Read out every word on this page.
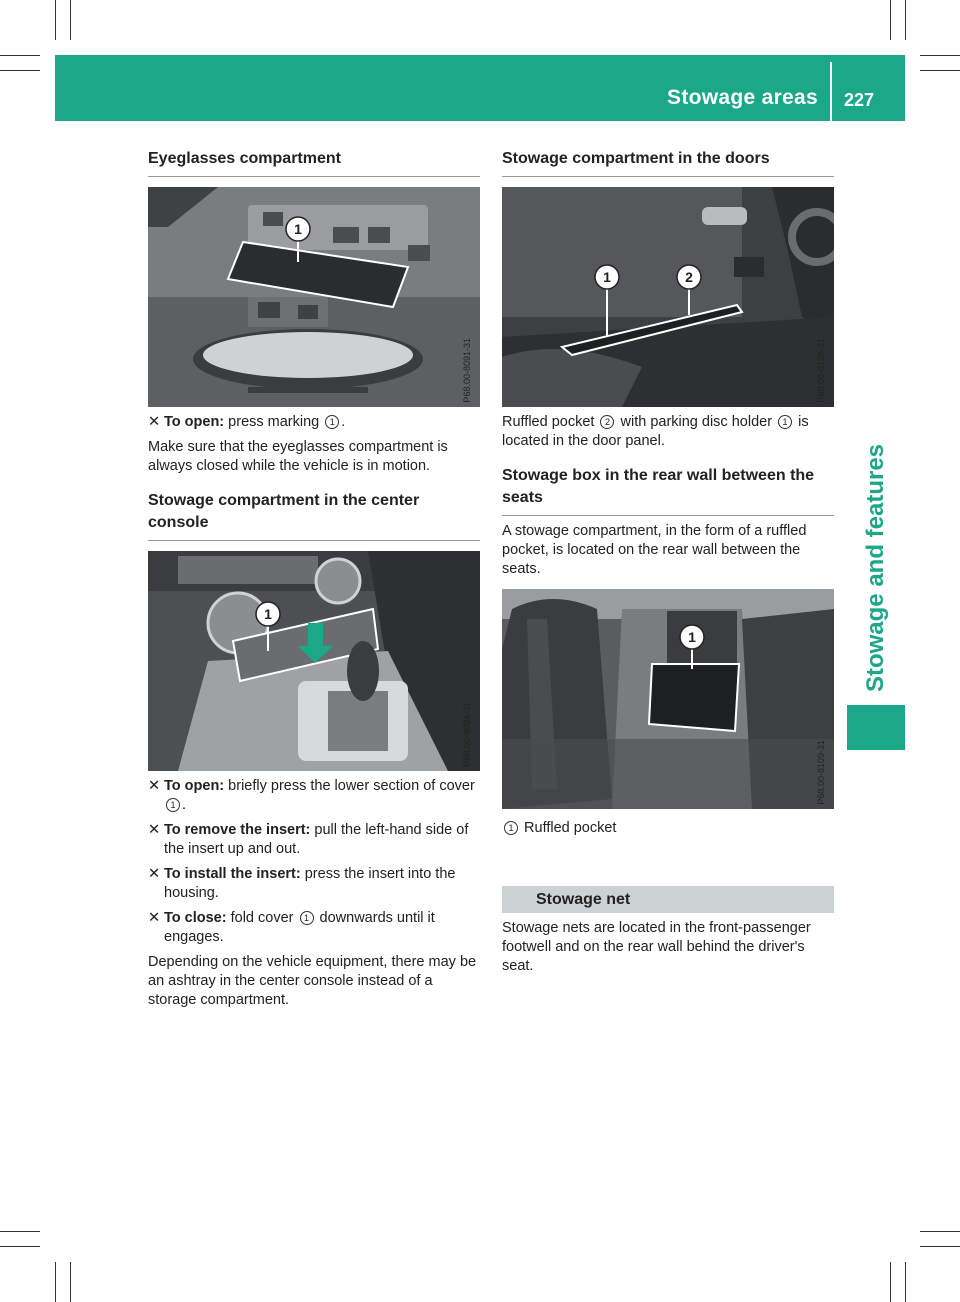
Stowage areas 227
Stowage and features
Eyeglasses compartment
1
P68.00-8091-31
✕ To open: press marking 1 .

Make sure that the eyeglasses compartment is always closed while the vehicle is in motion.

Stowage compartment in the center console
1
P68.00-8094-31
✕ To open: briefly press the lower section of cover 1 .
✕ To remove the insert: pull the left-hand side of the insert up and out.
✕ To install the insert: press the insert into the housing.
✕ To close: fold cover 1 downwards until it engages.

Depending on the vehicle equipment, there may be an ashtray in the center console instead of a storage compartment.

Stowage compartment in the doors
1	2
P68.00-8108-31

Ruffled pocket 2 with parking disc holder 1 is located in the door panel.

Stowage box in the rear wall between the seats

A stowage compartment, in the form of a ruffled pocket, is located on the rear wall between the seats.

1
P68.00-8109-31

1 Ruffled pocket

Stowage net

Stowage nets are located in the front-passenger footwell and on the rear wall behind the driver's seat.
